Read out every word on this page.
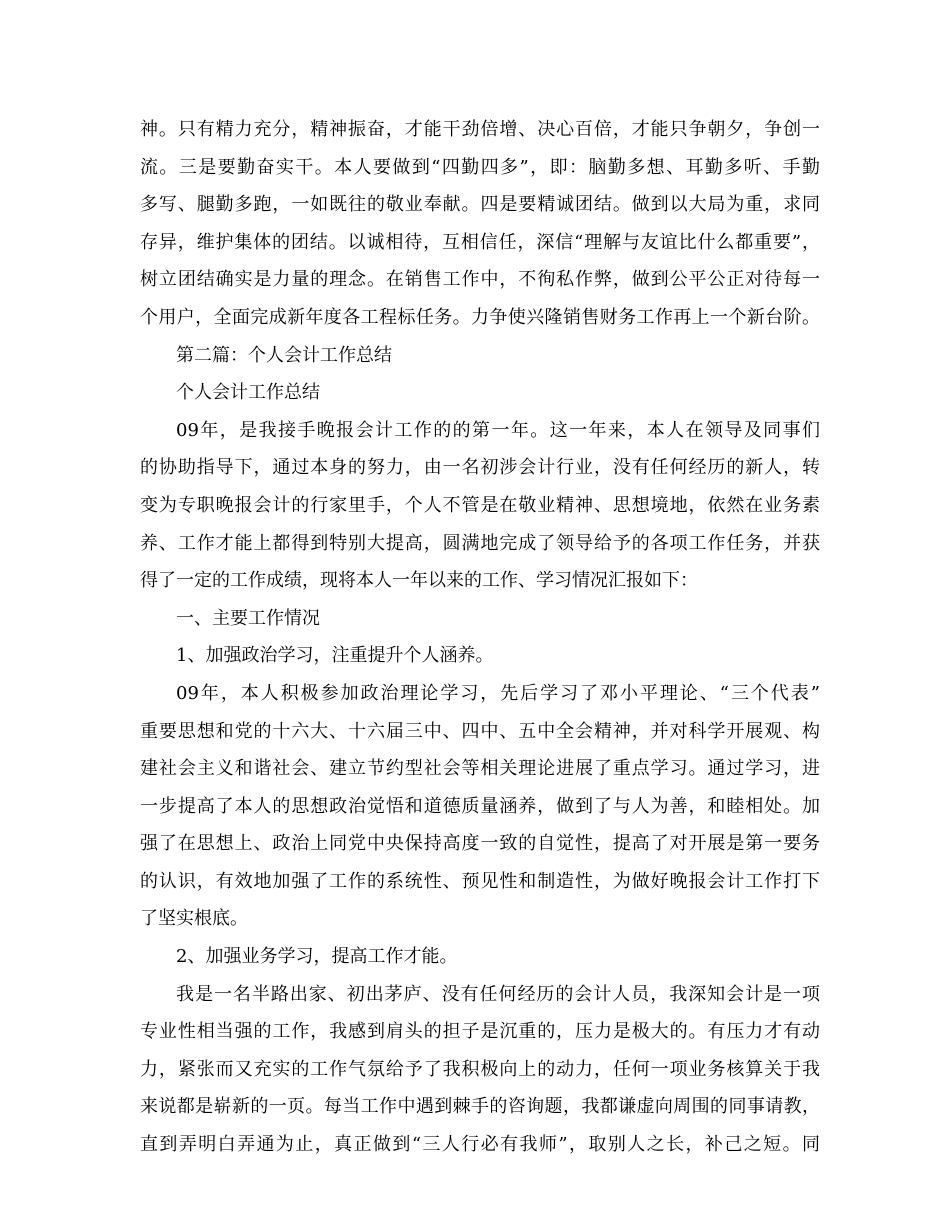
神。只有精力充分，精神振奋，才能干劲倍增、决心百倍，才能只争朝夕，争创一
流。三是要勤奋实干。本人要做到“四勤四多”，即：脑勤多想、耳勤多听、手勤
多写、腿勤多跑，一如既往的敬业奉献。四是要精诚团结。做到以大局为重，求同
存异，维护集体的团结。以诚相待，互相信任，深信“理解与友谊比什么都重要”，
树立团结确实是力量的理念。在销售工作中，不徇私作弊，做到公平公正对待每一
个用户，全面完成新年度各工程标任务。力争使兴隆销售财务工作再上一个新台阶。
第二篇：个人会计工作总结
个人会计工作总结
09年，是我接手晚报会计工作的的第一年。这一年来，本人在领导及同事们
的协助指导下，通过本身的努力，由一名初涉会计行业，没有任何经历的新人，转
变为专职晚报会计的行家里手，个人不管是在敬业精神、思想境地，依然在业务素
养、工作才能上都得到特别大提高，圆满地完成了领导给予的各项工作任务，并获
得了一定的工作成绩，现将本人一年以来的工作、学习情况汇报如下：
一、主要工作情况
1、加强政治学习，注重提升个人涵养。
09年，本人积极参加政治理论学习，先后学习了邓小平理论、“三个代表”
重要思想和党的十六大、十六届三中、四中、五中全会精神，并对科学开展观、构
建社会主义和谐社会、建立节约型社会等相关理论进展了重点学习。通过学习，进
一步提高了本人的思想政治觉悟和道德质量涵养，做到了与人为善，和睦相处。加
强了在思想上、政治上同党中央保持高度一致的自觉性，提高了对开展是第一要务
的认识，有效地加强了工作的系统性、预见性和制造性，为做好晚报会计工作打下
了坚实根底。
2、加强业务学习，提高工作才能。
我是一名半路出家、初出茅庐、没有任何经历的会计人员，我深知会计是一项
专业性相当强的工作，我感到肩头的担子是沉重的，压力是极大的。有压力才有动
力，紧张而又充实的工作气氛给予了我积极向上的动力，任何一项业务核算关于我
来说都是崭新的一页。每当工作中遇到棘手的咨询题，我都谦虚向周围的同事请教，
直到弄明白弄通为止，真正做到“三人行必有我师”，取别人之长，补己之短。同
